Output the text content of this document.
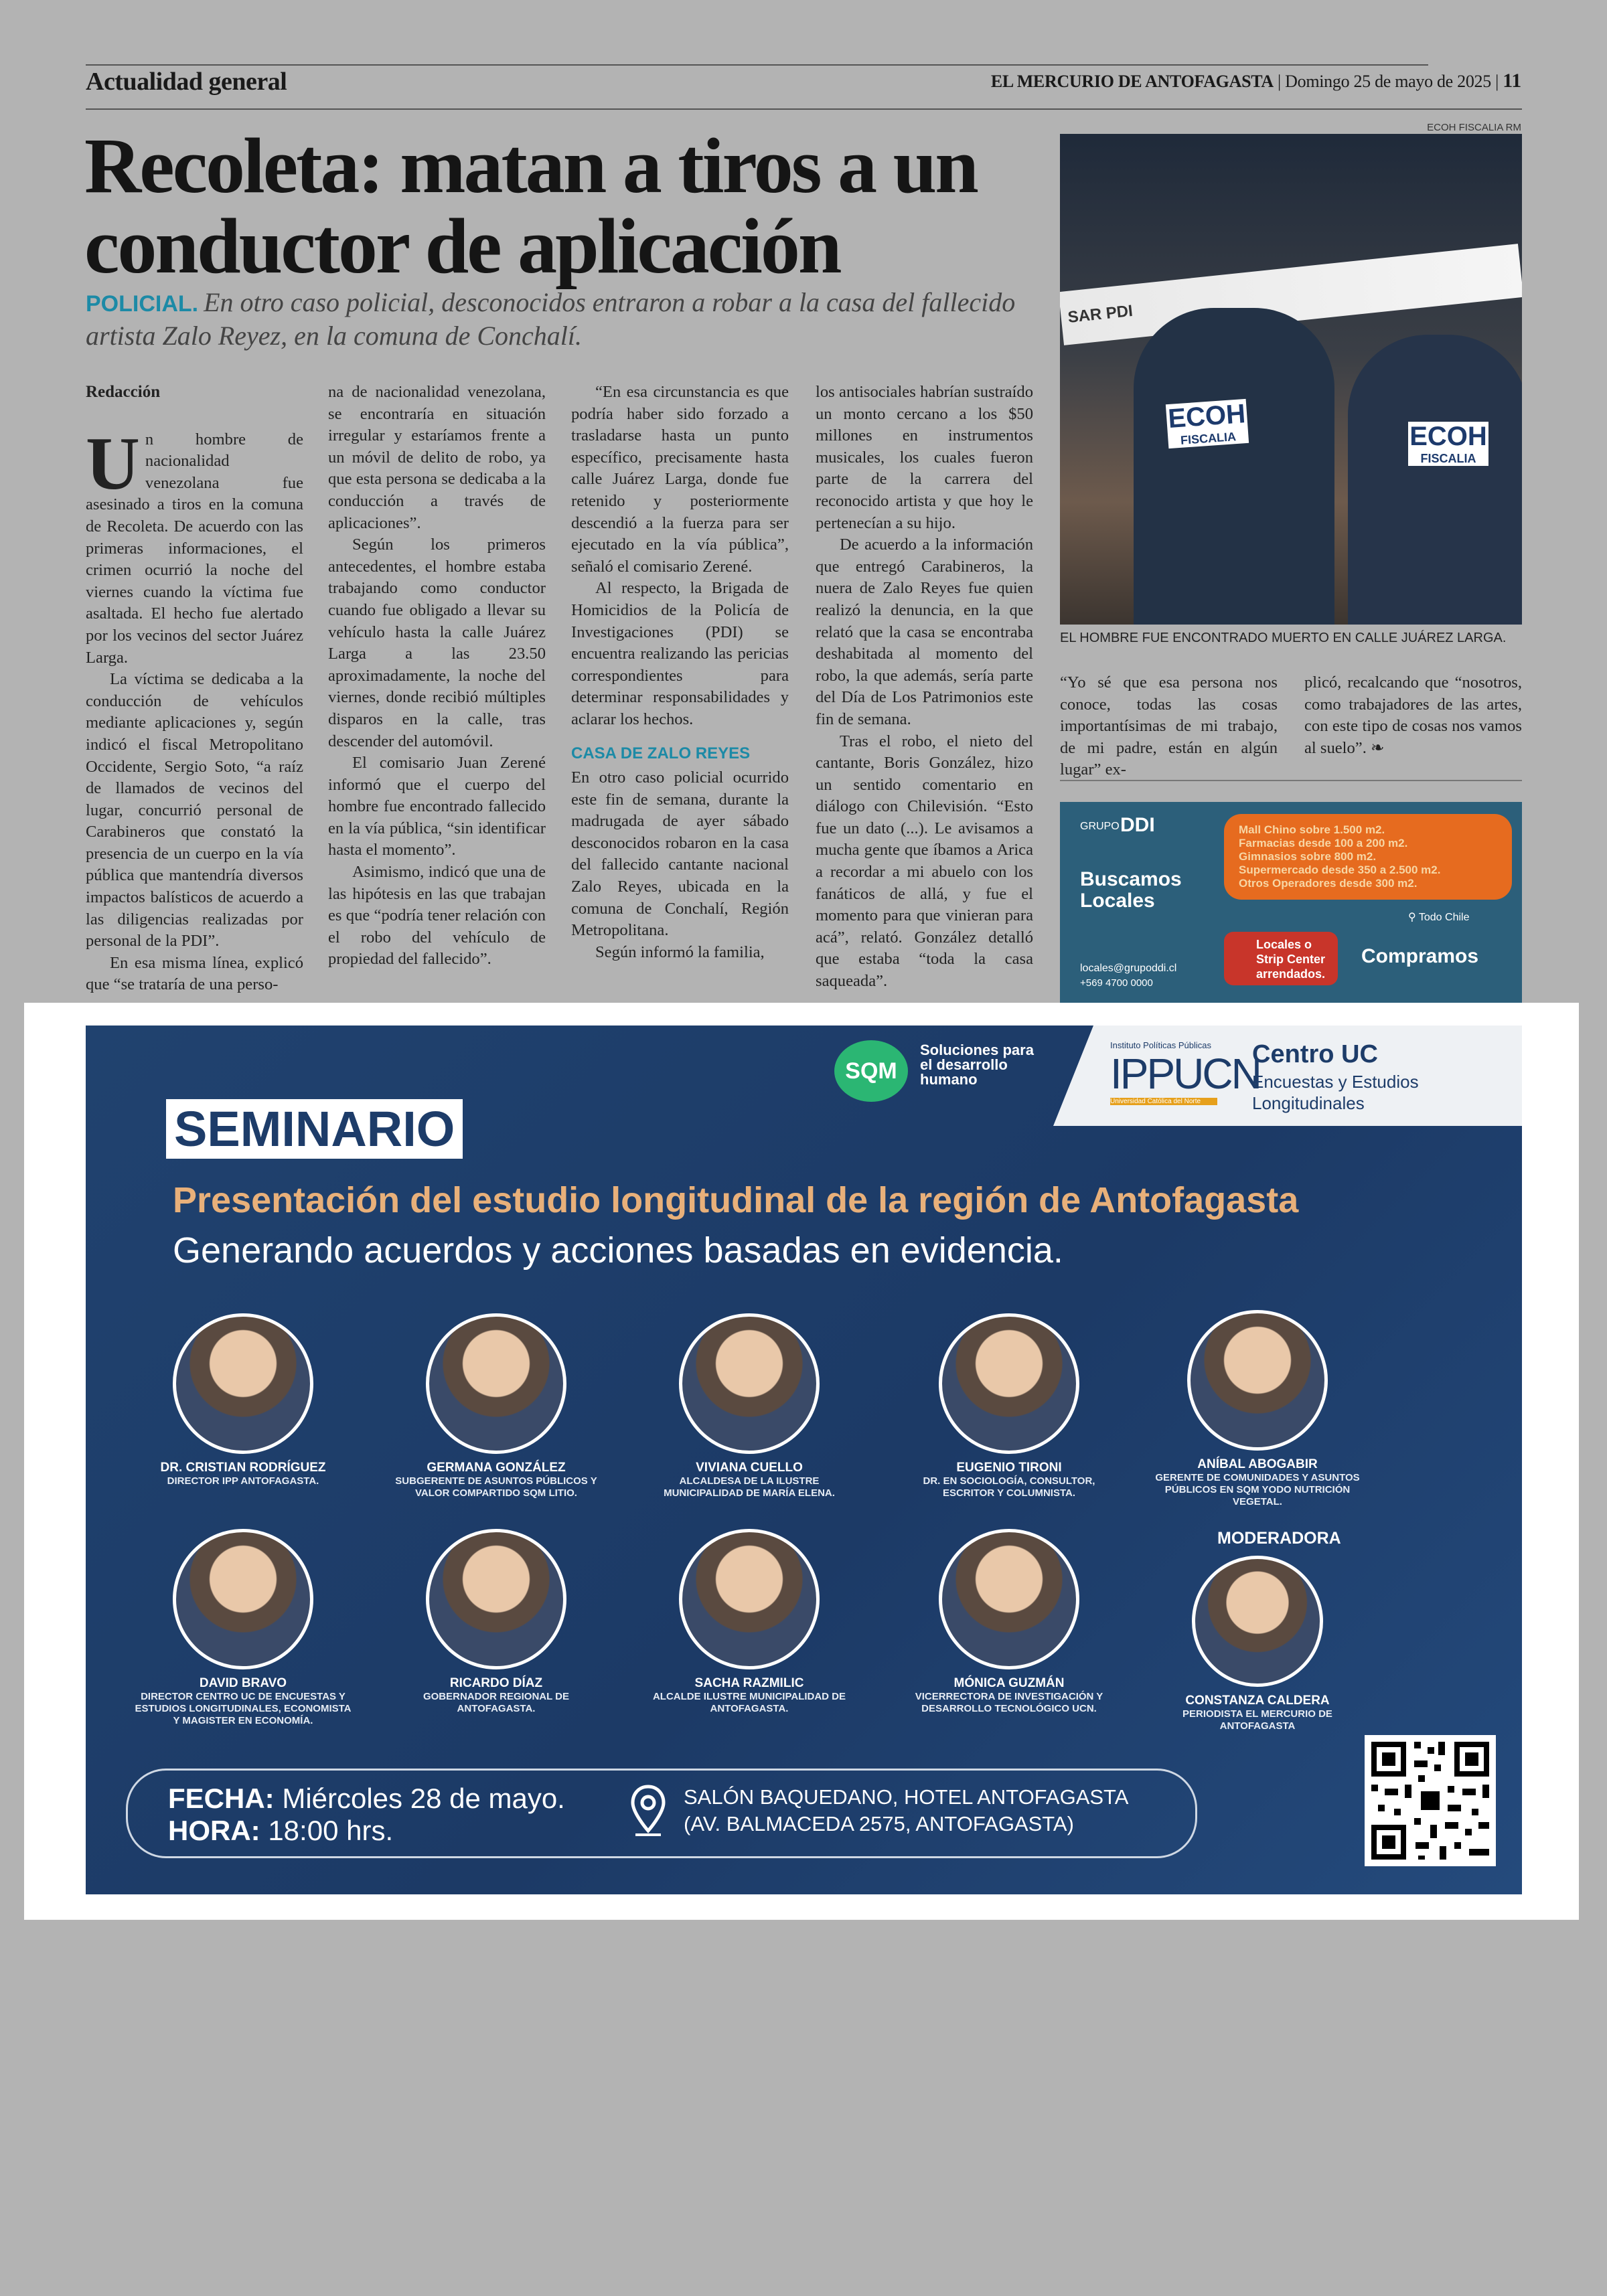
Actualidad general	EL MERCURIO DE ANTOFAGASTA | Domingo 25 de mayo de 2025 | 11
Recoleta: matan a tiros a un conductor de aplicación
POLICIAL. En otro caso policial, desconocidos entraron a robar a la casa del fallecido artista Zalo Reyez, en la comuna de Conchalí.
Redacción

Un hombre de nacionalidad venezolana fue asesinado a tiros en la comuna de Recoleta. De acuerdo con las primeras informaciones, el crimen ocurrió la noche del viernes cuando la víctima fue asaltada. El hecho fue alertado por los vecinos del sector Juárez Larga.

La víctima se dedicaba a la conducción de vehículos mediante aplicaciones y, según indicó el fiscal Metropolitano Occidente, Sergio Soto, “a raíz de llamados de vecinos del lugar, concurrió personal de Carabineros que constató la presencia de un cuerpo en la vía pública que mantendría diversos impactos balísticos de acuerdo a las diligencias realizadas por personal de la PDI”.

En esa misma línea, explicó que “se trataría de una perso-

na de nacionalidad venezolana, se encontraría en situación irregular y estaríamos frente a un móvil de delito de robo, ya que esta persona se dedicaba a la conducción a través de aplicaciones”.

Según los primeros antecedentes, el hombre estaba trabajando como conductor cuando fue obligado a llevar su vehículo hasta la calle Juárez Larga a las 23.50 aproximadamente, la noche del viernes, donde recibió múltiples disparos en la calle, tras descender del automóvil.

El comisario Juan Zerené informó que el cuerpo del hombre fue encontrado fallecido en la vía pública, “sin identificar hasta el momento”.

Asimismo, indicó que una de las hipótesis en las que trabajan es que “podría tener relación con el robo del vehículo de propiedad del fallecido”.

“En esa circunstancia es que podría haber sido forzado a trasladarse hasta un punto específico, precisamente hasta calle Juárez Larga, donde fue retenido y posteriormente descendió a la fuerza para ser ejecutado en la vía pública”, señaló el comisario Zerené.

Al respecto, la Brigada de Homicidios de la Policía de Investigaciones (PDI) se encuentra realizando las pericias correspondientes para determinar responsabilidades y aclarar los hechos.

CASA DE ZALO REYES

En otro caso policial ocurrido este fin de semana, durante la madrugada de ayer sábado desconocidos robaron en la casa del fallecido cantante nacional Zalo Reyes, ubicada en la comuna de Conchalí, Región Metropolitana.

Según informó la familia,

los antisociales habrían sustraído un monto cercano a los $50 millones en instrumentos musicales, los cuales fueron parte de la carrera del reconocido artista y que hoy le pertenecían a su hijo.

De acuerdo a la información que entregó Carabineros, la nuera de Zalo Reyes fue quien realizó la denuncia, en la que relató que la casa se encontraba deshabitada al momento del robo, la que además, sería parte del Día de Los Patrimonios este fin de semana.

Tras el robo, el nieto del cantante, Boris González, hizo un sentido comentario en diálogo con Chilevisión. “Esto fue un dato (...). Le avisamos a mucha gente que íbamos a Arica a recordar a mi abuelo con los fanáticos de allá, y fue el momento para que vinieran para acá”, relató. González detalló que estaba “toda la casa saqueada”.

ECOH FISCALIA RM
SAR PDI
ECOH
FISCALIA	ECOH
FISCALIA
EL HOMBRE FUE ENCONTRADO MUERTO EN CALLE JUÁREZ LARGA.
“Yo sé que esa persona nos conoce, todas las cosas importantísimas de mi trabajo, de mi padre, están en algún lugar” ex-
plicó, recalcando que “nosotros, como trabajadores de las artes, con este tipo de cosas nos vamos al suelo”. ❧
GRUPO DDI
Buscamos Locales
Mall Chino sobre 1.500 m2.
Farmacias desde 100 a 200 m2.
Gimnasios sobre 800 m2.
Supermercado desde 350 a 2.500 m2.
Otros Operadores desde 300 m2.
⚲ Todo Chile
Locales o Strip Center arrendados.
Compramos
locales@grupoddi.cl
+569 4700 0000
SQM
Soluciones para el desarrollo humano
Instituto Políticas Públicas
IPPUCN
Universidad Católica del Norte
Centro UC
Encuestas y Estudios Longitudinales
SEMINARIO
Presentación del estudio longitudinal de la región de Antofagasta
Generando acuerdos y acciones basadas en evidencia.
DR. CRISTIAN RODRÍGUEZ
DIRECTOR IPP ANTOFAGASTA.
GERMANA GONZÁLEZ
SUBGERENTE DE ASUNTOS PÚBLICOS Y VALOR COMPARTIDO SQM LITIO.
VIVIANA CUELLO
ALCALDESA DE LA ILUSTRE MUNICIPALIDAD DE MARÍA ELENA.
EUGENIO TIRONI
DR. EN SOCIOLOGÍA, CONSULTOR, ESCRITOR Y COLUMNISTA.
ANÍBAL ABOGABIR
GERENTE DE COMUNIDADES Y ASUNTOS PÚBLICOS EN SQM YODO NUTRICIÓN VEGETAL.
MODERADORA
DAVID BRAVO
DIRECTOR CENTRO UC DE ENCUESTAS Y ESTUDIOS LONGITUDINALES, ECONOMISTA Y MAGISTER EN ECONOMÍA.
RICARDO DÍAZ
GOBERNADOR REGIONAL DE ANTOFAGASTA.
SACHA RAZMILIC
ALCALDE ILUSTRE MUNICIPALIDAD DE ANTOFAGASTA.
MÓNICA GUZMÁN
VICERRECTORA DE INVESTIGACIÓN Y DESARROLLO TECNOLÓGICO UCN.
CONSTANZA CALDERA
PERIODISTA EL MERCURIO DE ANTOFAGASTA
FECHA: Miércoles 28 de mayo.
HORA: 18:00 hrs.
SALÓN BAQUEDANO, HOTEL ANTOFAGASTA
(AV. BALMACEDA 2575, ANTOFAGASTA)
